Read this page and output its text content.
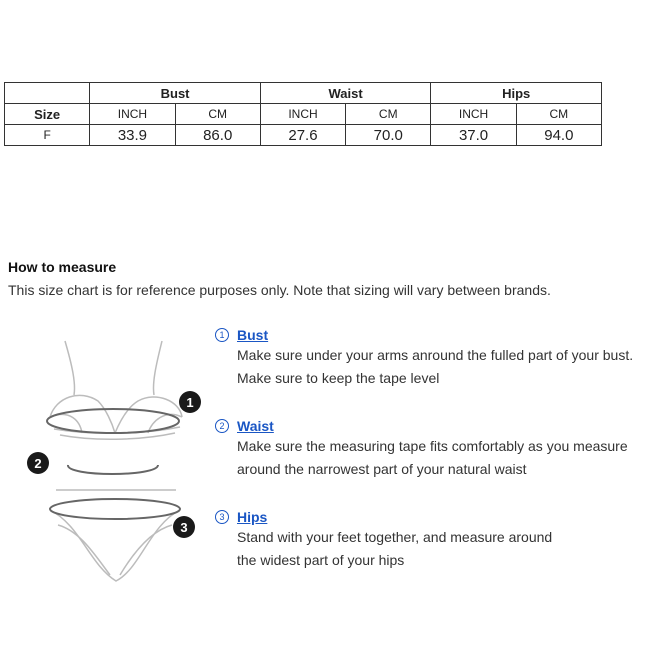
	Bust		Waist		Hips	
Size	INCH	CM	INCH	CM	INCH	CM
F	33.9	86.0	27.6	70.0	37.0	94.0
How to measure
This size chart is for reference purposes only. Note that sizing will vary between brands.
1
2
3
1 Bust
Make sure under your arms anround the fulled part of your bust.
Make sure to keep the tape level
2 Waist
Make sure the measuring tape fits comfortably as you measure
around the narrowest part of your natural waist
3 Hips
Stand with your feet together, and measure around
the widest part of your hips
